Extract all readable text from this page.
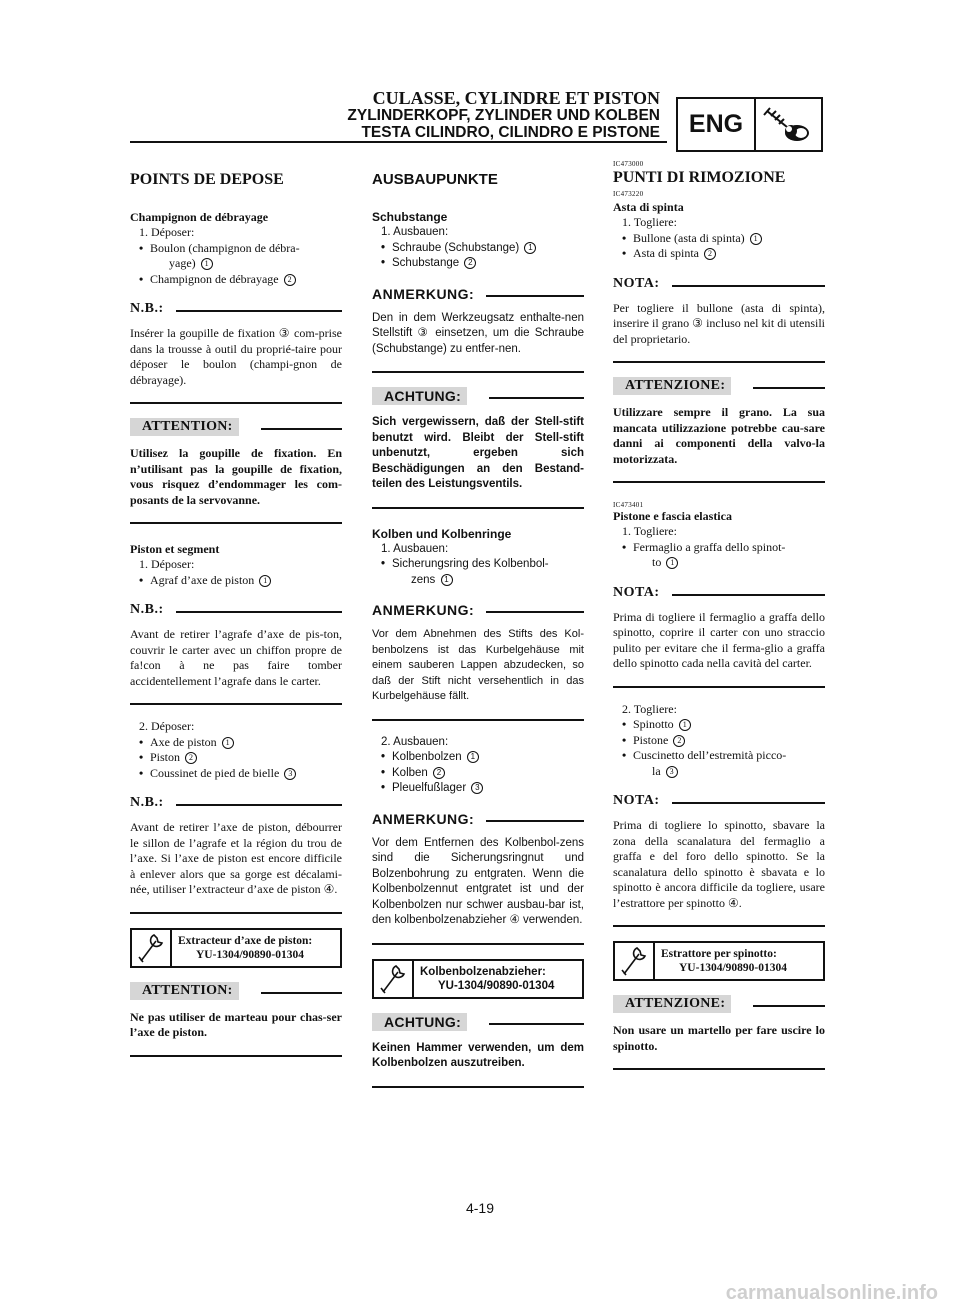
CULASSE, CYLINDRE ET PISTON
ZYLINDERKOPF, ZYLINDER UND KOLBEN
TESTA CILINDRO, CILINDRO E PISTONE	ENG
POINTS DE DEPOSE
Champignon de débrayage
1. Déposer:
• Boulon (champignon de débra-
yage) 1
• Champignon de débrayage 2
N.B.:
Insérer la goupille de fixation ③ com-prise dans la trousse à outil du proprié-taire pour déposer le boulon (champi-gnon de débrayage).
ATTENTION:
Utilisez la goupille de fixation. En n’utilisant pas la goupille de fixation, vous risquez d’endommager les com-posants de la servovanne.
Piston et segment
1. Déposer:
• Agraf d’axe de piston 1
N.B.:
Avant de retirer l’agrafe d’axe de pis-ton, couvrir le carter avec un chiffon propre de fa!con à ne pas faire tomber accidentellement l’agrafe dans le carter.
2. Déposer:
• Axe de piston 1
• Piston 2
• Coussinet de pied de bielle 3
N.B.:
Avant de retirer l’axe de piston, débourrer le sillon de l’agrafe et la région du trou de l’axe. Si l’axe de piston est encore difficile à enlever alors que sa gorge est décalami-née, utiliser l’extracteur d’axe de piston ④.
Extracteur d’axe de piston:
YU-1304/90890-01304
ATTENTION:
Ne pas utiliser de marteau pour chas-ser l’axe de piston.
AUSBAUPUNKTE
Schubstange
1. Ausbauen:
• Schraube (Schubstange) 1
• Schubstange 2
ANMERKUNG:
Den in dem Werkzeugsatz enthalte-nen Stellstift ③ einsetzen, um die Schraube (Schubstange) zu entfer-nen.
ACHTUNG:
Sich vergewissern, daß der Stell-stift benutzt wird. Bleibt der Stell-stift unbenutzt, ergeben sich Beschädigungen an den Bestand-teilen des Leistungsventils.
Kolben und Kolbenringe
1. Ausbauen:
• Sicherungsring des Kolbenbol-
zens 1
ANMERKUNG:
Vor dem Abnehmen des Stifts des Kol-benbolzens ist das Kurbelgehäuse mit einem sauberen Lappen abzudecken, so daß der Stift nicht versehentlich in das Kurbelgehäuse fällt.
2. Ausbauen:
• Kolbenbolzen 1
• Kolben 2
• Pleuelfußlager 3
ANMERKUNG:
Vor dem Entfernen des Kolbenbol-zens sind die Sicherungsringnut und Bolzenbohrung zu entgraten. Wenn die Kolbenbolzennut entgratet ist und der Kolbenbolzen nur schwer ausbau-bar ist, den kolbenbolzenabzieher ④ verwenden.
Kolbenbolzenabzieher:
YU-1304/90890-01304
ACHTUNG:
Keinen Hammer verwenden, um dem Kolbenbolzen auszutreiben.
IC473000
PUNTI DI RIMOZIONE
IC473220
Asta di spinta
1. Togliere:
• Bullone (asta di spinta) 1
• Asta di spinta 2
NOTA:
Per togliere il bullone (asta di spinta), inserire il grano ③ incluso nel kit di utensili del proprietario.
ATTENZIONE:
Utilizzare sempre il grano. La sua mancata utilizzazione potrebbe cau-sare danni ai componenti della valvo-la motorizzata.
IC473401
Pistone e fascia elastica
1. Togliere:
• Fermaglio a graffa dello spinot-
to 1
NOTA:
Prima di togliere il fermaglio a graffa dello spinotto, coprire il carter con uno straccio pulito per evitare che il ferma-glio a graffa dello spinotto cada nella cavità del carter.
2. Togliere:
• Spinotto 1
• Pistone 2
• Cuscinetto dell’estremità picco-
la 3
NOTA:
Prima di togliere lo spinotto, sbavare la zona della scanalatura del fermaglio a graffa e del foro dello spinotto. Se la scanalatura dello spinotto è sbavata e lo spinotto è ancora difficile da togliere, usare l’estrattore per spinotto ④.
Estrattore per spinotto:
YU-1304/90890-01304
ATTENZIONE:
Non usare un martello per fare uscire lo spinotto.
4-19
carmanualsonline.info
